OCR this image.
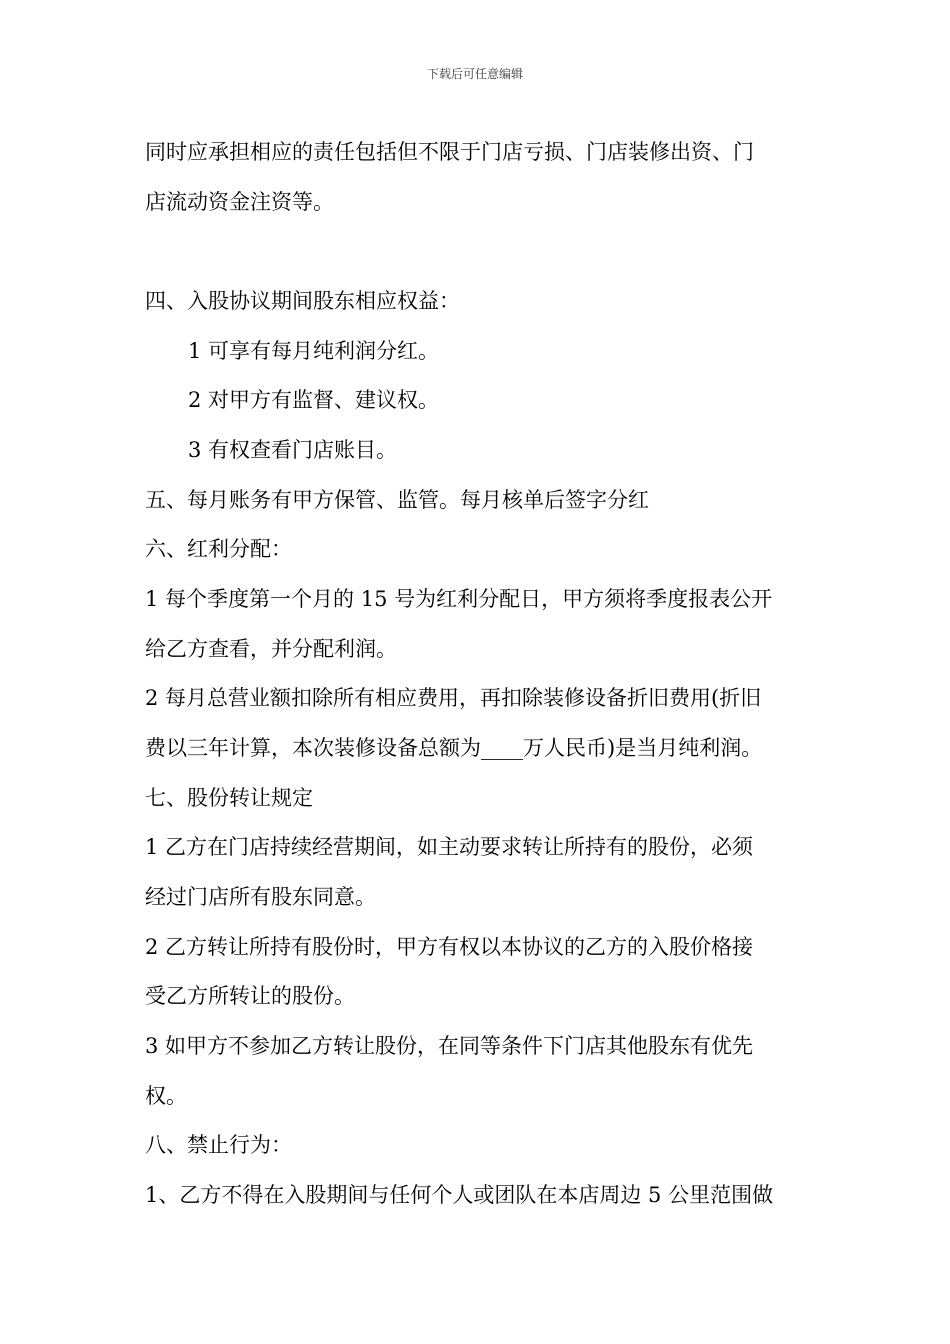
下载后可任意编辑
同时应承担相应的责任包括但不限于门店亏损、门店装修出资、门
店流动资金注资等。
四、入股协议期间股东相应权益：
1 可享有每月纯利润分红。
2 对甲方有监督、建议权。
3 有权查看门店账目。
五、每月账务有甲方保管、监管。每月核单后签字分红
六、红利分配：
1 每个季度第一个月的 15 号为红利分配日，甲方须将季度报表公开
给乙方查看，并分配利润。
2 每月总营业额扣除所有相应费用，再扣除装修设备折旧费用(折旧
费以三年计算，本次装修设备总额为____万人民币)是当月纯利润。
七、股份转让规定
1 乙方在门店持续经营期间，如主动要求转让所持有的股份，必须
经过门店所有股东同意。
2 乙方转让所持有股份时，甲方有权以本协议的乙方的入股价格接
受乙方所转让的股份。
3 如甲方不参加乙方转让股份，在同等条件下门店其他股东有优先
权。
八、禁止行为：
1、乙方不得在入股期间与任何个人或团队在本店周边 5 公里范围做
